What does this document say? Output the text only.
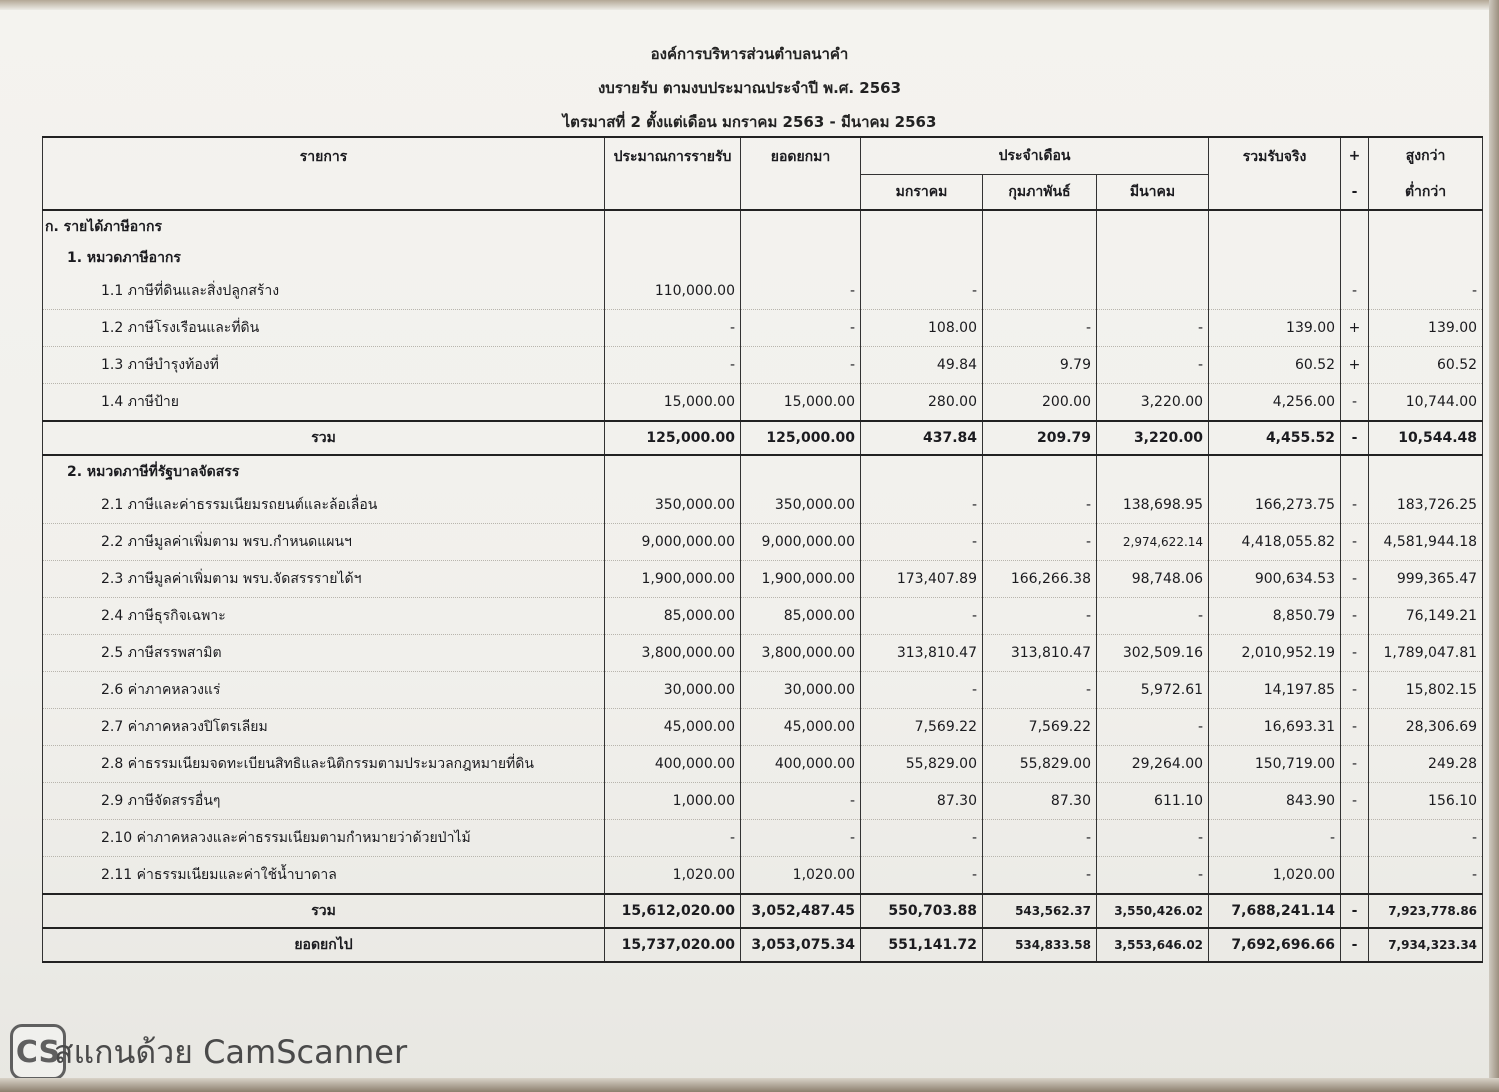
องค์การบริหารส่วนตำบลนาคำ
งบรายรับ ตามงบประมาณประจำปี พ.ศ. 2563
ไตรมาสที่ 2 ตั้งแต่เดือน มกราคม 2563 - มีนาคม 2563
รายการ	ประมาณการรายรับ	ยอดยกมา	ประจำเดือน			รวมรับจริง	+	สูงกว่า
			มกราคม	กุมภาพันธ์	มีนาคม		-	ต่ำกว่า
ก. รายได้ภาษีอากร								
1. หมวดภาษีอากร								
1.1 ภาษีที่ดินและสิ่งปลูกสร้าง	110,000.00	-	-				-	-
1.2 ภาษีโรงเรือนและที่ดิน	-	-	108.00	-	-	139.00	+	139.00
1.3 ภาษีบำรุงท้องที่	-	-	49.84	9.79	-	60.52	+	60.52
1.4 ภาษีป้าย	15,000.00	15,000.00	280.00	200.00	3,220.00	4,256.00	-	10,744.00
รวม	125,000.00	125,000.00	437.84	209.79	3,220.00	4,455.52	-	10,544.48
2. หมวดภาษีที่รัฐบาลจัดสรร								
2.1 ภาษีและค่าธรรมเนียมรถยนต์และล้อเลื่อน	350,000.00	350,000.00	-	-	138,698.95	166,273.75	-	183,726.25
2.2 ภาษีมูลค่าเพิ่มตาม พรบ.กำหนดแผนฯ	9,000,000.00	9,000,000.00	-	-	2,974,622.14	4,418,055.82	-	4,581,944.18
2.3 ภาษีมูลค่าเพิ่มตาม พรบ.จัดสรรรายได้ฯ	1,900,000.00	1,900,000.00	173,407.89	166,266.38	98,748.06	900,634.53	-	999,365.47
2.4 ภาษีธุรกิจเฉพาะ	85,000.00	85,000.00	-	-	-	8,850.79	-	76,149.21
2.5 ภาษีสรรพสามิต	3,800,000.00	3,800,000.00	313,810.47	313,810.47	302,509.16	2,010,952.19	-	1,789,047.81
2.6 ค่าภาคหลวงแร่	30,000.00	30,000.00	-	-	5,972.61	14,197.85	-	15,802.15
2.7 ค่าภาคหลวงปิโตรเลียม	45,000.00	45,000.00	7,569.22	7,569.22	-	16,693.31	-	28,306.69
2.8 ค่าธรรมเนียมจดทะเบียนสิทธิและนิติกรรมตามประมวลกฎหมายที่ดิน	400,000.00	400,000.00	55,829.00	55,829.00	29,264.00	150,719.00	-	249.28
2.9 ภาษีจัดสรรอื่นๆ	1,000.00	-	87.30	87.30	611.10	843.90	-	156.10
2.10 ค่าภาคหลวงและค่าธรรมเนียมตามกำหมายว่าด้วยป่าไม้	-	-	-	-	-	-		-
2.11 ค่าธรรมเนียมและค่าใช้น้ำบาดาล	1,020.00	1,020.00	-	-	-	1,020.00		-
รวม	15,612,020.00	3,052,487.45	550,703.88	543,562.37	3,550,426.02	7,688,241.14	-	7,923,778.86
ยอดยกไป	15,737,020.00	3,053,075.34	551,141.72	534,833.58	3,553,646.02	7,692,696.66	-	7,934,323.34
CS
สแกนด้วย CamScanner
